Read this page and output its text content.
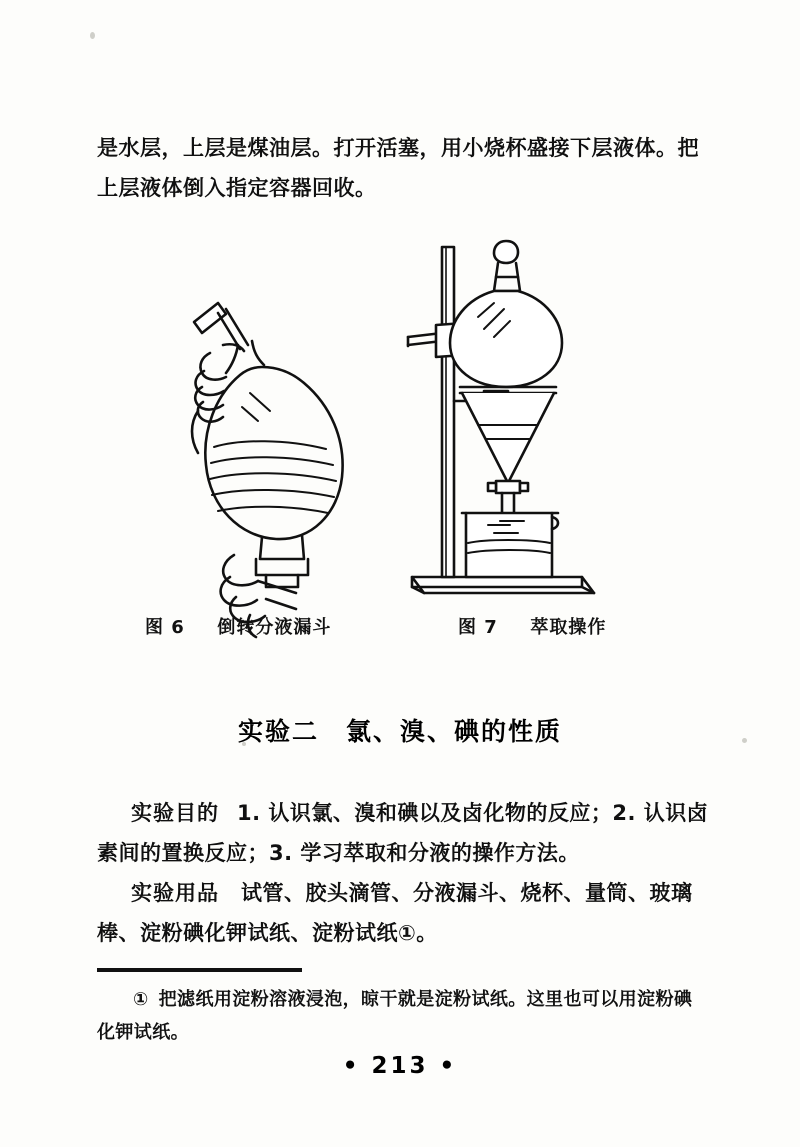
是水层，上层是煤油层。打开活塞，用小烧杯盛接下层液体。把上层液体倒入指定容器回收。
图 6 倒转分液漏斗	图 7 萃取操作
实验二　氯、溴、碘的性质
实验目的 1. 认识氯、溴和碘以及卤化物的反应；2. 认识卤素间的置换反应；3. 学习萃取和分液的操作方法。
实验用品 试管、胶头滴管、分液漏斗、烧杯、量筒、玻璃棒、淀粉碘化钾试纸、淀粉试纸①。
① 把滤纸用淀粉溶液浸泡，晾干就是淀粉试纸。这里也可以用淀粉碘化钾试纸。
• 213 •
